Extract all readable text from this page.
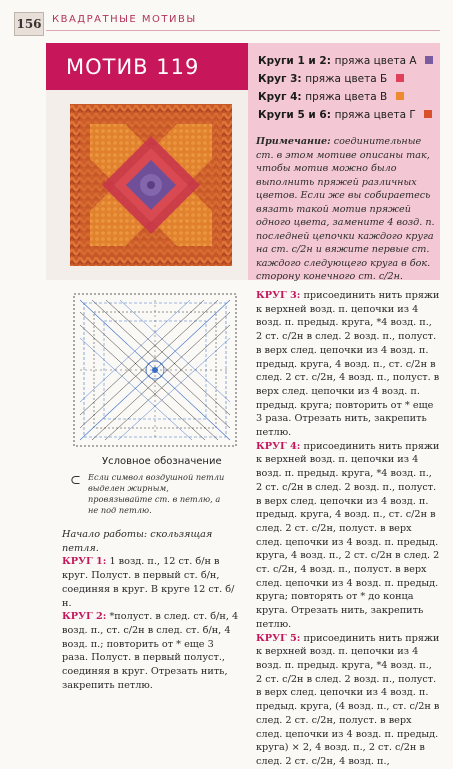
156 КВАДРАТНЫЕ МОТИВЫ
МОТИВ 119	Круги 1 и 2: пряжа цвета А
Круг 3: пряжа цвета Б
Круг 4: пряжа цвета В
Круги 5 и 6: пряжа цвета Г
Примечание: соединительные ст. в этом мотиве описаны так, чтобы мотив можно было выполнить пряжей различных цветов. Если же вы собираетесь вязать такой мотив пряжей одного цвета, замените 4 возд. п. последней цепочки каждого круга на ст. с/2н и вяжите первые ст. каждого следующего круга в бок. сторону конечного ст. с/2н.
Условное обозначение
⊂ Если символ воздушной петли выделен жирным, провязывайте ст. в петлю, а не под петлю.
Начало работы: скользящая петля.
КРУГ 1: 1 возд. п., 12 ст. б/н в круг. Полуст. в первый ст. б/н, соединяя в круг. В круге 12 ст. б/н.
КРУГ 2: *полуст. в след. ст. б/н, 4 возд. п., ст. с/2н в след. ст. б/н, 4 возд. п.; повторить от * еще 3 раза. Полуст. в первый полуст., соединяя в круг. Отрезать нить, закрепить петлю.
КРУГ 3: присоединить нить пряжи к верхней возд. п. цепочки из 4 возд. п. предыд. круга, *4 возд. п., 2 ст. с/2н в след. 2 возд. п., полуст. в верх след. цепочки из 4 возд. п. предыд. круга, 4 возд. п., ст. с/2н в след. 2 ст. с/2н, 4 возд. п., полуст. в верх след. цепочки из 4 возд. п. предыд. круга; повторить от * еще 3 раза. Отрезать нить, закрепить петлю.
КРУГ 4: присоединить нить пряжи к верхней возд. п. цепочки из 4 возд. п. предыд. круга, *4 возд. п., 2 ст. с/2н в след. 2 возд. п., полуст. в верх след. цепочки из 4 возд. п. предыд. круга, 4 возд. п., ст. с/2н в след. 2 ст. с/2н, полуст. в верх след. цепочки из 4 возд. п. предыд. круга, 4 возд. п., 2 ст. с/2н в след. 2 ст. с/2н, 4 возд. п., полуст. в верх след. цепочки из 4 возд. п. предыд. круга; повторять от * до конца круга. Отрезать нить, закрепить петлю.
КРУГ 5: присоединить нить пряжи к верхней возд. п. цепочки из 4 возд. п. предыд. круга, *4 возд. п., 2 ст. с/2н в след. 2 возд. п., полуст. в верх след. цепочки из 4 возд. п. предыд. круга, (4 возд. п., ст. с/2н в след. 2 ст. с/2н, полуст. в верх след. цепочки из 4 возд. п. предыд. круга) × 2, 4 возд. п., 2 ст. с/2н в след. 2 ст. с/2н, 4 возд. п.,
